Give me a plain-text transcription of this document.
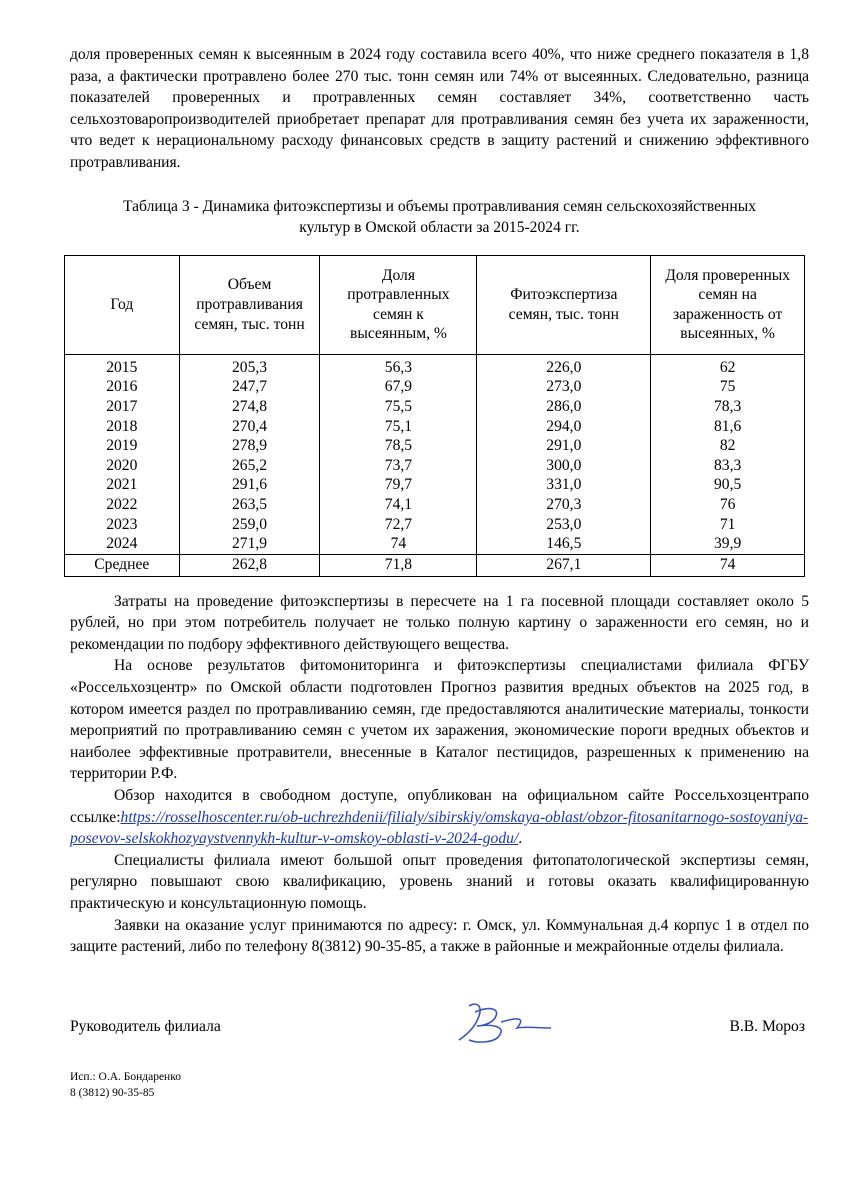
доля проверенных семян к высеянным в 2024 году составила всего 40%, что ниже среднего показателя в 1,8 раза, а фактически протравлено более 270 тыс. тонн семян или 74% от высеянных. Следовательно, разница показателей проверенных и протравленных семян составляет 34%, соответственно часть сельхозтоваропроизводителей приобретает препарат для протравливания семян без учета их зараженности, что ведет к нерациональному расходу финансовых средств в защиту растений и снижению эффективного протравливания.

Таблица 3 - Динамика фитоэкспертизы и объемы протравливания семян сельскохозяйственных культур в Омской области за 2015-2024 гг.

Год	Объем протравливания семян, тыс. тонн	Доля протравленных семян к высеянным, %	Фитоэкспертиза семян, тыс. тонн	Доля проверенных семян на зараженность от высеянных, %
2015	205,3	56,3	226,0	62
2016	247,7	67,9	273,0	75
2017	274,8	75,5	286,0	78,3
2018	270,4	75,1	294,0	81,6
2019	278,9	78,5	291,0	82
2020	265,2	73,7	300,0	83,3
2021	291,6	79,7	331,0	90,5
2022	263,5	74,1	270,3	76
2023	259,0	72,7	253,0	71
2024	271,9	74	146,5	39,9
Среднее	262,8	71,8	267,1	74

Затраты на проведение фитоэкспертизы в пересчете на 1 га посевной площади составляет около 5 рублей, но при этом потребитель получает не только полную картину о зараженности его семян, но и рекомендации по подбору эффективного действующего вещества.

На основе результатов фитомониторинга и фитоэкспертизы специалистами филиала ФГБУ «Россельхозцентр» по Омской области подготовлен Прогноз развития вредных объектов на 2025 год, в котором имеется раздел по протравливанию семян, где предоставляются аналитические материалы, тонкости мероприятий по протравливанию семян с учетом их заражения, экономические пороги вредных объектов и наиболее эффективные протравители, внесенные в Каталог пестицидов, разрешенных к применению на территории Р.Ф.

Обзор находится в свободном доступе, опубликован на официальном сайте Россельхозцентрапо ссылке:https://rosselhoscenter.ru/ob-uchrezhdenii/filialy/sibirskiy/omskaya-oblast/obzor-fitosanitarnogo-sostoyaniya-posevov-selskokhozyaystvennykh-kultur-v-omskoy-oblasti-v-2024-godu/.

Специалисты филиала имеют большой опыт проведения фитопатологической экспертизы семян, регулярно повышают свою квалификацию, уровень знаний и готовы оказать квалифицированную практическую и консультационную помощь.

Заявки на оказание услуг принимаются по адресу: г. Омск, ул. Коммунальная д.4 корпус 1 в отдел по защите растений, либо по телефону 8(3812) 90-35-85, а также в районные и межрайонные отделы филиала.

Руководитель филиала	В.В. Мороз
Исп.: О.А. Бондаренко
8 (3812) 90-35-85
